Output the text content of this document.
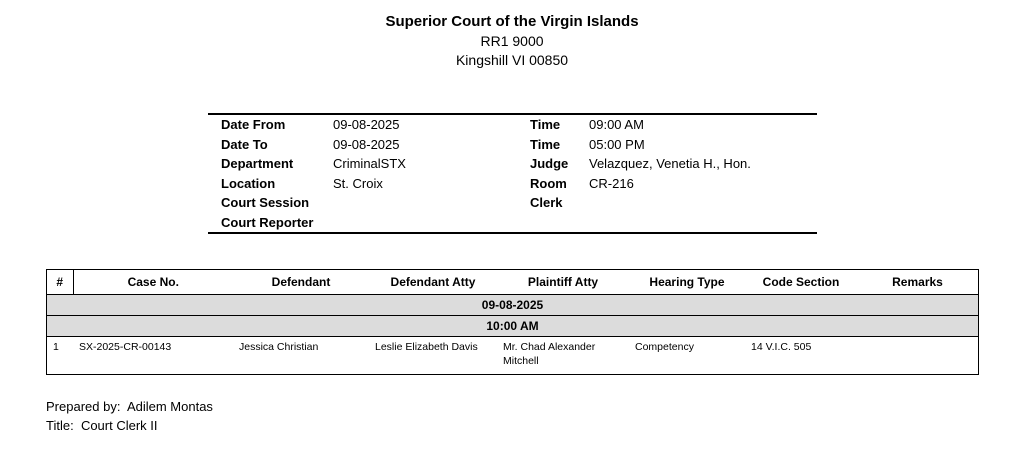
Superior Court of the Virgin Islands
RR1 9000
Kingshill VI 00850
	Date From	09-08-2025	Time	09:00 AM
	Date To	09-08-2025	Time	05:00 PM
	Department	CriminalSTX	Judge	Velazquez, Venetia H., Hon.
	Location	St. Croix	Room	CR-216
	Court Session		Clerk	
	Court Reporter			
#	Case No.	Defendant	Defendant Atty	Plaintiff Atty	Hearing Type	Code Section	Remarks
09-08-2025							
10:00 AM							
1	SX-2025-CR-00143	Jessica Christian	Leslie Elizabeth Davis	Mr. Chad Alexander Mitchell	Competency	14 V.I.C. 505	
Prepared by: Adilem Montas
Title: Court Clerk II
